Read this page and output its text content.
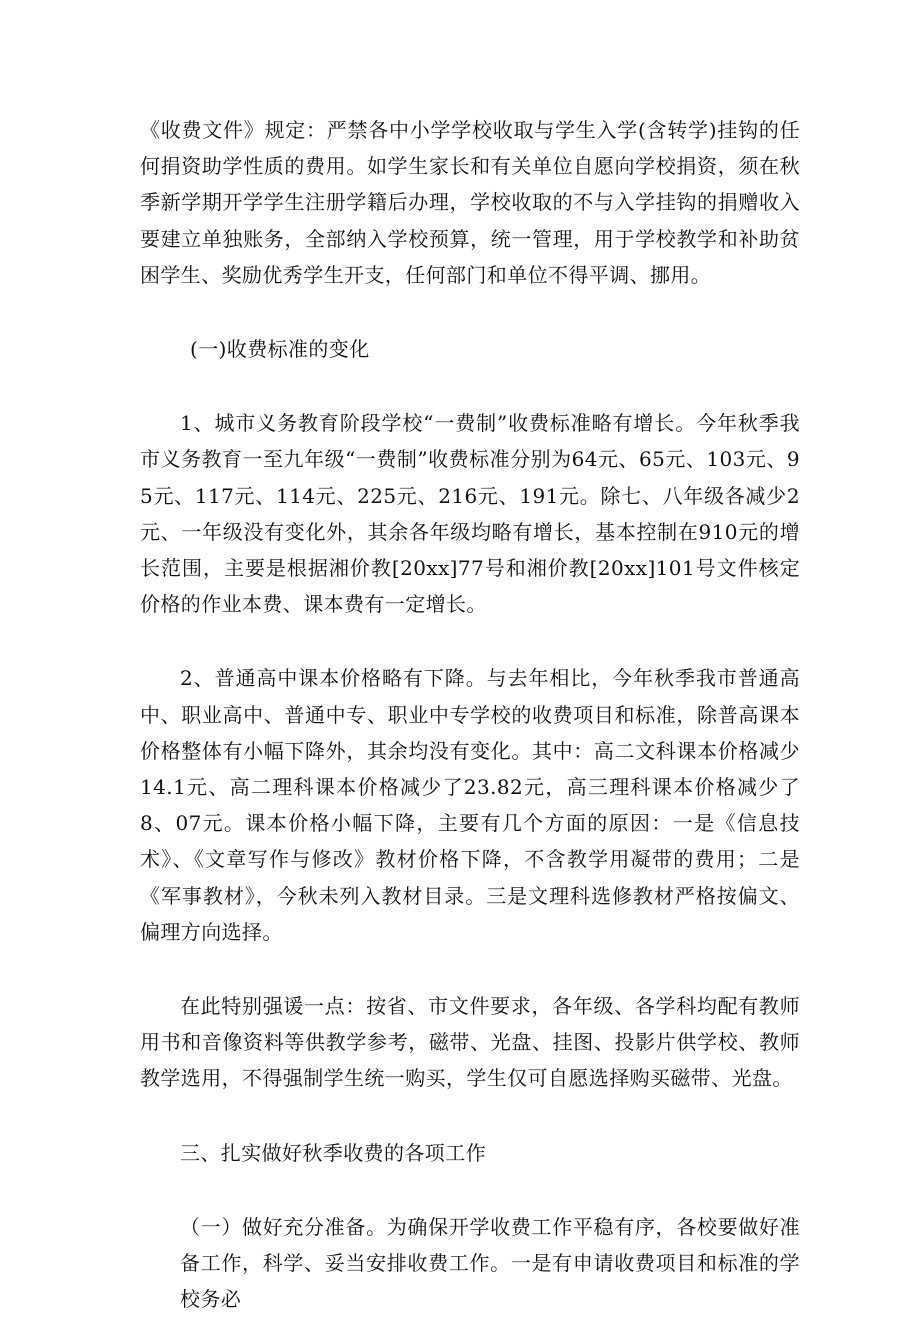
《收费文件》规定：严禁各中小学学校收取与学生入学(含转学)挂钩的任何捐资助学性质的费用。如学生家长和有关单位自愿向学校捐资，须在秋季新学期开学学生注册学籍后办理，学校收取的不与入学挂钩的捐赠收入要建立单独账务，全部纳入学校预算，统一管理，用于学校教学和补助贫困学生、奖励优秀学生开支，任何部门和单位不得平调、挪用。

(一)收费标准的变化

1、城市义务教育阶段学校“一费制”收费标准略有增长。今年秋季我市义务教育一至九年级“一费制”收费标准分别为64元、65元、103元、95元、117元、114元、225元、216元、191元。除七、八年级各减少2元、一年级没有变化外，其余各年级均略有增长，基本控制在910元的增长范围，主要是根据湘价教[20xx]77号和湘价教[20xx]101号文件核定价格的作业本费、课本费有一定增长。

2、普通高中课本价格略有下降。与去年相比，今年秋季我市普通高中、职业高中、普通中专、职业中专学校的收费项目和标准，除普高课本价格整体有小幅下降外，其余均没有变化。其中：高二文科课本价格减少14.1元、高二理科课本价格减少了23.82元，高三理科课本价格减少了8、07元。课本价格小幅下降，主要有几个方面的原因：一是《信息技术》、《文章写作与修改》教材价格下降，不含教学用凝带的费用；二是《军事教材》，今秋未列入教材目录。三是文理科选修教材严格按偏文、偏理方向选择。

在此特别强谖一点：按省、市文件要求，各年级、各学科均配有教师用书和音像资料等供教学参考，磁带、光盘、挂图、投影片供学校、教师教学选用，不得强制学生统一购买，学生仅可自愿选择购买磁带、光盘。

三、扎实做好秋季收费的各项工作

（一）做好充分准备。为确保开学收费工作平稳有序，各校要做好准备工作，科学、妥当安排收费工作。一是有申请收费项目和标准的学校务必
